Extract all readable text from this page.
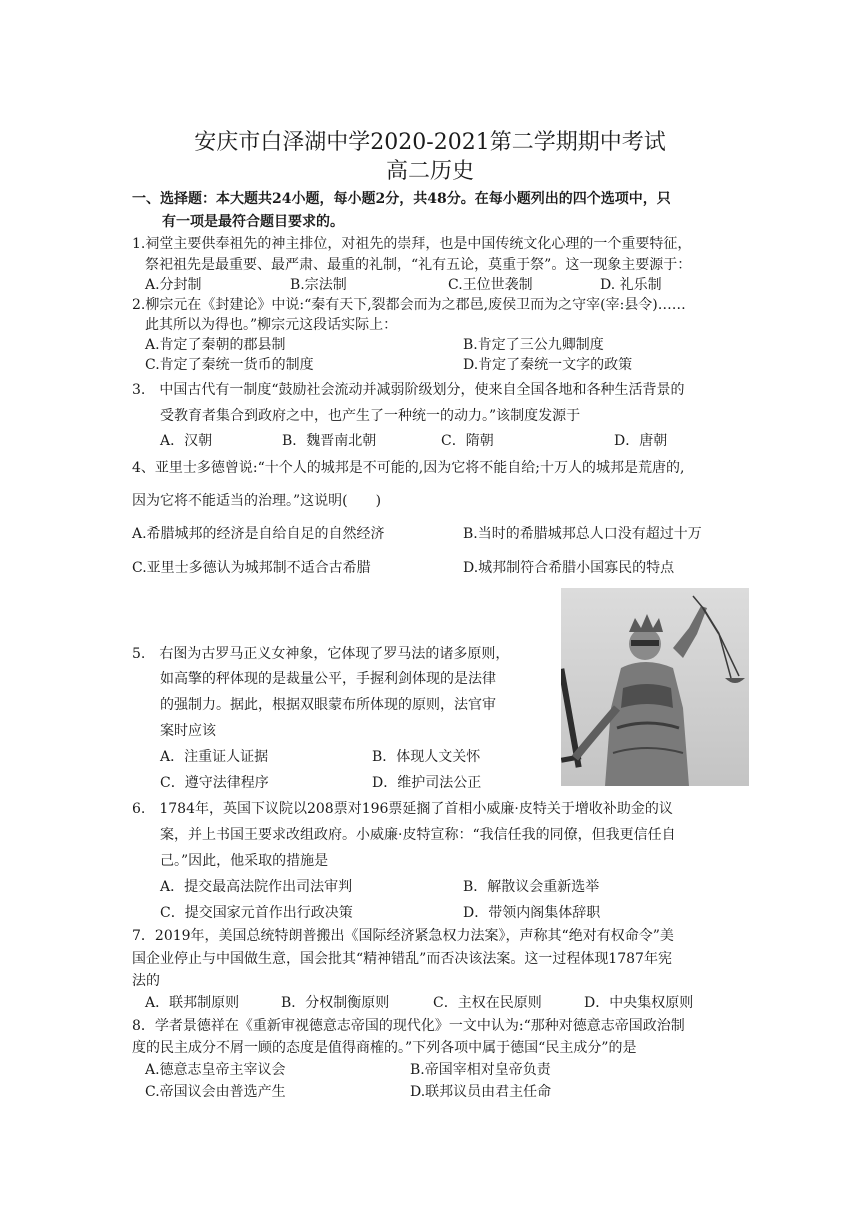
安庆市白泽湖中学2020-2021第二学期期中考试
高二历史
一、选择题：本大题共24小题，每小题2分，共48分。在每小题列出的四个选项中，只
有一项是最符合题目要求的。
1.祠堂主要供奉祖先的神主排位，对祖先的崇拜，也是中国传统文化心理的一个重要特征，
祭祀祖先是最重要、最严肃、最重的礼制，“礼有五论，莫重于祭”。这一现象主要源于：
A.分封制	B.宗法制	C.王位世袭制	D. 礼乐制
2.柳宗元在《封建论》中说:“秦有天下,裂都会而为之郡邑,废侯卫而为之守宰(宰:县令)……
此其所以为得也。”柳宗元这段话实际上：
A.肯定了秦朝的郡县制	B.肯定了三公九卿制度
C.肯定了秦统一货币的制度	D.肯定了秦统一文字的政策
3.　中国古代有一制度“鼓励社会流动并减弱阶级划分，使来自全国各地和各种生活背景的
受教育者集合到政府之中，也产生了一种统一的动力。”该制度发源于
A．汉朝	B．魏晋南北朝	C．隋朝	D．唐朝
4、亚里士多德曾说:“十个人的城邦是不可能的,因为它将不能自给;十万人的城邦是荒唐的,
因为它将不能适当的治理。”这说明(　　)
A.希腊城邦的经济是自给自足的自然经济	B.当时的希腊城邦总人口没有超过十万
C.亚里士多德认为城邦制不适合古希腊	D.城邦制符合希腊小国寡民的特点
5.　右图为古罗马正义女神象，它体现了罗马法的诸多原则，
如高擎的秤体现的是裁量公平，手握利剑体现的是法律
的强制力。据此，根据双眼蒙布所体现的原则，法官审
案时应该
A．注重证人证据	B．体现人文关怀
C．遵守法律程序	D．维护司法公正
6.　1784年，英国下议院以208票对196票延搁了首相小威廉·皮特关于增收补助金的议
案，并上书国王要求改组政府。小威廉·皮特宣称：“我信任我的同僚，但我更信任自
己。”因此，他采取的措施是
A．提交最高法院作出司法审判	B．解散议会重新选举
C．提交国家元首作出行政决策	D．带领内阁集体辞职
7．2019年，美国总统特朗普搬出《国际经济紧急权力法案》，声称其“绝对有权命令”美
国企业停止与中国做生意，国会批其“精神错乱”而否决该法案。这一过程体现1787年宪
法的
A．联邦制原则	B．分权制衡原则	C．主权在民原则	D．中央集权原则
8．学者景德祥在《重新审视德意志帝国的现代化》一文中认为:“那种对德意志帝国政治制
度的民主成分不屑一顾的态度是值得商榷的。”下列各项中属于德国“民主成分”的是
A.德意志皇帝主宰议会	B.帝国宰相对皇帝负责
C.帝国议会由普选产生	D.联邦议员由君主任命
